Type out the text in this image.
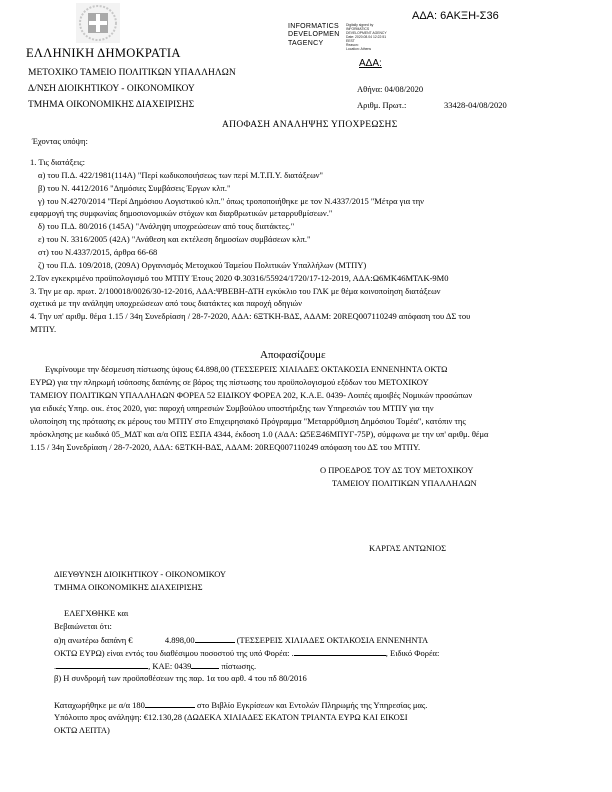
ΑΔΑ: 6ΑΚΞΗ-Σ36
INFORMATICS
DEVELOPMEN
TAGENCY
Digitally signed by
INFORMATICS
DEVELOPMENT AGENCY
Date: 2020.08.04 12:22:51
EEST
Reason:
Location: Athens
ΕΛΛΗΝΙΚΗ ΔΗΜΟΚΡΑΤΙΑ
ΜΕΤΟΧΙΚΟ ΤΑΜΕΙΟ ΠΟΛΙΤΙΚΩΝ ΥΠΑΛΛΗΛΩΝ
Δ/ΝΣΗ ΔΙΟΙΚΗΤΙΚΟΥ - ΟΙΚΟΝΟΜΙΚΟΥ
ΤΜΗΜΑ ΟΙΚΟΝΟΜΙΚΗΣ ΔΙΑΧΕΙΡΙΣΗΣ
ΑΔΑ:
Αθήνα: 04/08/2020
Αριθμ. Πρωτ.:	33428-04/08/2020
ΑΠΟΦΑΣΗ ΑΝΑΛΗΨΗΣ ΥΠΟΧΡΕΩΣΗΣ
Έχοντας υπόψη:
1. Τις διατάξεις:
α) του Π.Δ. 422/1981(114Α) "Περί κωδικοποιήσεως των περί Μ.Τ.Π.Υ. διατάξεων"
β) του Ν. 4412/2016 "Δημόσιες Συμβάσεις Έργων κλπ."
γ) του Ν.4270/2014 "Περί Δημόσιου Λογιστικού κλπ." όπως τροποποιήθηκε με τον Ν.4337/2015 "Μέτρα για την
εφαρμογή της συμφωνίας δημοσιονομικών στόχων και διαρθρωτικών μεταρρυθμίσεων."
δ) του Π.Δ. 80/2016 (145Α) "Ανάληψη υποχρεώσεων από τους διατάκτες."
ε) του Ν. 3316/2005 (42Α) "Ανάθεση και εκτέλεση δημοσίων συμβάσεων κλπ."
στ) του Ν.4337/2015, άρθρα 66-68
ζ) του Π.Δ. 109/2018, (209Α) Οργανισμός Μετοχικού Ταμείου Πολιτικών Υπαλλήλων (ΜΤΠΥ)
2.Τον εγκεκριμένο προϋπολογισμό του ΜΤΠΥ Έτους 2020 Φ.30316/55924/1720/17-12-2019, ΑΔΑ:Ω6ΜΚ46ΜΤΛΚ-9Μ0
3. Την με αρ. πρωτ. 2/100018/0026/30-12-2016, ΑΔΑ:ΨΒΕΒΗ-ΔΤΗ εγκύκλιο του ΓΛΚ με θέμα κοινοποίηση διατάξεων
σχετικά με την ανάληψη υποχρεώσεων από τους διατάκτες και παροχή οδηγιών
4. Την υπ' αριθμ. θέμα 1.15 / 34η Συνεδρίαση / 28-7-2020, ΑΔΑ: 6ΞΤΚΗ-ΒΔΣ, ΑΔΑΜ: 20REQ007110249 απόφαση του ΔΣ του
ΜΤΠΥ.
Αποφασίζουμε
Εγκρίνουμε την δέσμευση πίστωσης ύψους €4.898,00 (ΤΕΣΣΕΡΕΙΣ ΧΙΛΙΑΔΕΣ ΟΚΤΑΚΟΣΙΑ ΕΝΝΕΝΗΝΤΑ ΟΚΤΩ
ΕΥΡΩ) για την πληρωμή ισόποσης δαπάνης σε βάρος της πίστωσης του προϋπολογισμού εξόδων του ΜΕΤΟΧΙΚΟΥ
ΤΑΜΕΙΟΥ ΠΟΛΙΤΙΚΩΝ ΥΠΑΛΛΗΛΩΝ ΦΟΡΕΑ 52 ΕΙΔΙΚΟΥ ΦΟΡΕΑ 202, Κ.Α.Ε. 0439- Λοιπές αμοιβές Νομικών προσώπων
για ειδικές Υπηρ. οικ. έτος 2020, για: παροχή υπηρεσιών Συμβούλου υποστήριξης των Υπηρεσιών του ΜΤΠΥ για την
υλοποίηση της πρότασης εκ μέρους του ΜΤΠΥ στο Επιχειρησιακό Πρόγραμμα "Μεταρρύθμιση Δημόσιου Τομέα", κατόπιν της
πρόσκλησης με κωδικό 05_ΜΔΤ και α/α ΟΠΣ ΕΣΠΑ 4344, έκδοση 1.0 (ΑΔΑ: Ω5ΕΞ46ΜΠΥΓ-75Ρ), σύμφωνα με την υπ' αριθμ. θέμα
1.15 / 34η Συνεδρίαση / 28-7-2020, ΑΔΑ: 6ΞΤΚΗ-ΒΔΣ, ΑΔΑΜ: 20REQ007110249 απόφαση του ΔΣ του ΜΤΠΥ.
Ο ΠΡΟΕΔΡΟΣ ΤΟΥ ΔΣ ΤΟΥ ΜΕΤΟΧΙΚΟΥ
ΤΑΜΕΙΟΥ ΠΟΛΙΤΙΚΩΝ ΥΠΑΛΛΗΛΩΝ
ΚΑΡΓΑΣ ΑΝΤΩΝΙΟΣ
ΔΙΕΥΘΥΝΣΗ ΔΙΟΙΚΗΤΙΚΟΥ - ΟΙΚΟΝΟΜΙΚΟΥ
ΤΜΗΜΑ ΟΙΚΟΝΟΜΙΚΗΣ ΔΙΑΧΕΙΡΙΣΗΣ
ΕΛΕΓΧΘΗΚΕ και
Βεβαιώνεται ότι:
α)η ανωτέρω δαπάνη €	4.898,00	(ΤΕΣΣΕΡΕΙΣ ΧΙΛΙΑΔΕΣ ΟΚΤΑΚΟΣΙΑ ΕΝΝΕΝΗΝΤΑ
ΟΚΤΩ ΕΥΡΩ) είναι εντός του διαθέσιμου ποσοστού της υπό Φορέα: .	, Ειδικό Φορέα:
.	, ΚΑΕ: 0439	πίστωσης.
β) Η συνδρομή των προϋποθέσεων της παρ. 1α του αρθ. 4 του πδ 80/2016
Καταχωρήθηκε με α/α 180	στο Βιβλίο Εγκρίσεων και Εντολών Πληρωμής της Υπηρεσίας μας.
Υπόλοιπο προς ανάληψη: €12.130,28 (ΔΩΔΕΚΑ ΧΙΛΙΑΔΕΣ ΕΚΑΤΟΝ ΤΡΙΑΝΤΑ ΕΥΡΩ ΚΑΙ ΕΙΚΟΣΙ
ΟΚΤΩ ΛΕΠΤΑ)
